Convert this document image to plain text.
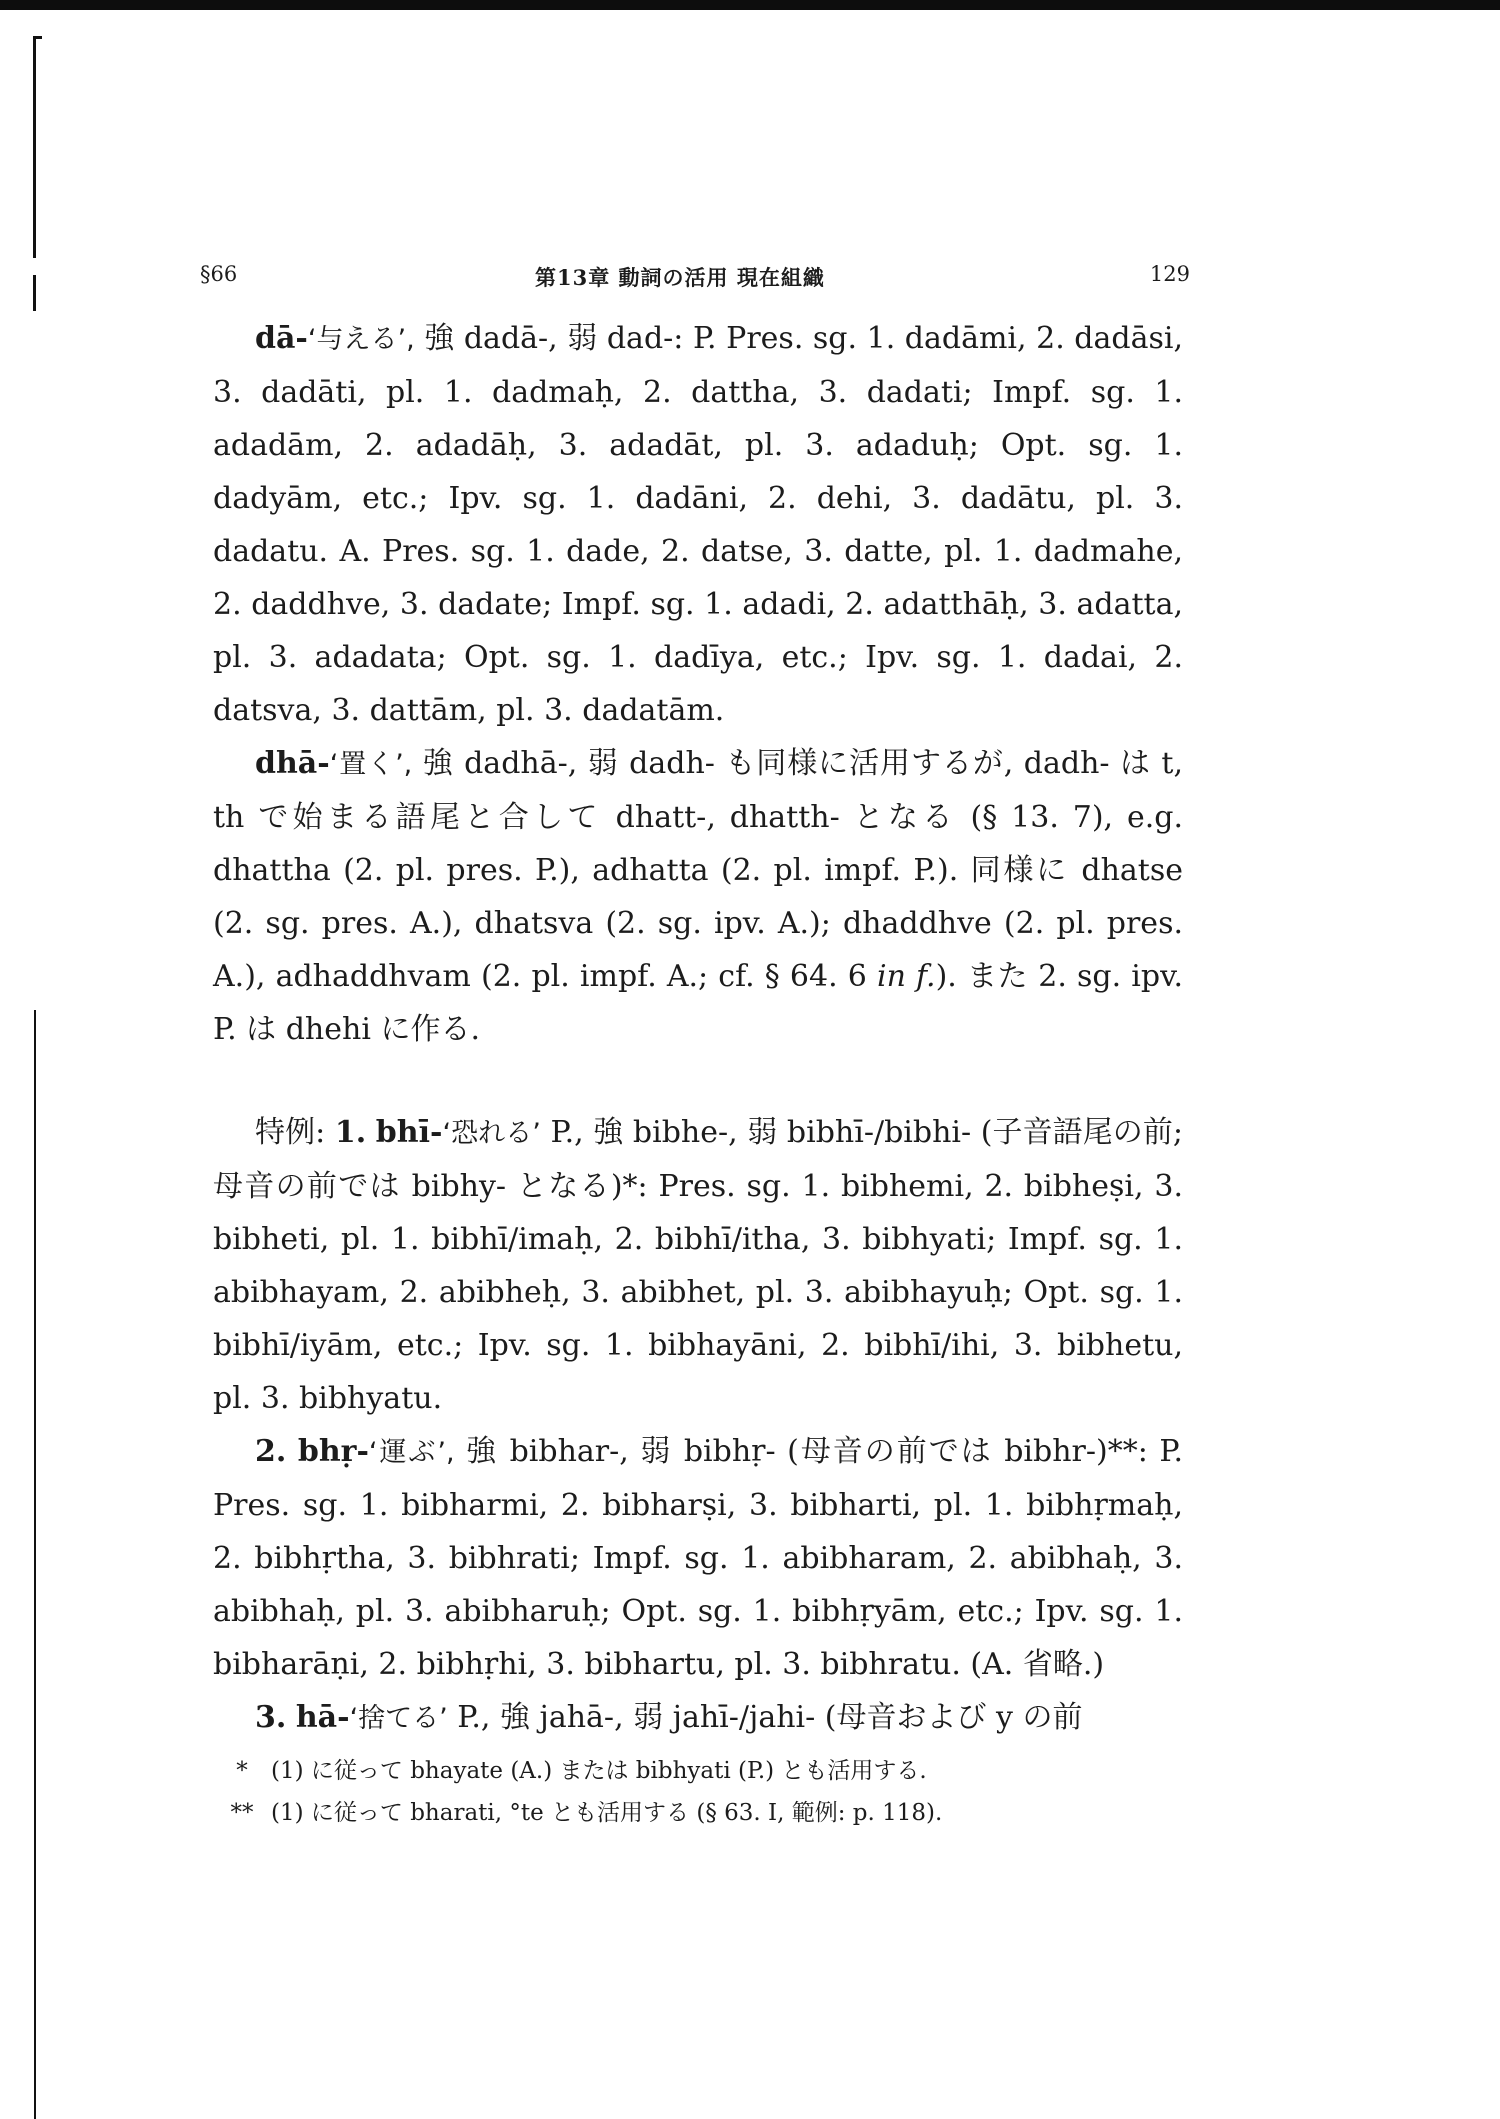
§66	第13章 動詞の活用 現在組織	129

dā-‘与える’, 強 dadā-, 弱 dad-: P. Pres. sg. 1. dadāmi, 2. dadāsi, 3. dadāti, pl. 1. dadmaḥ, 2. dattha, 3. dadati; Impf. sg. 1. adadām, 2. adadāḥ, 3. adadāt, pl. 3. adaduḥ; Opt. sg. 1. dadyām, etc.; Ipv. sg. 1. dadāni, 2. dehi, 3. dadātu, pl. 3. dadatu. A. Pres. sg. 1. dade, 2. datse, 3. datte, pl. 1. dadmahe, 2. daddhve, 3. dadate; Impf. sg. 1. adadi, 2. adatthāḥ, 3. adatta, pl. 3. adadata; Opt. sg. 1. dadīya, etc.; Ipv. sg. 1. dadai, 2. datsva, 3. dattām, pl. 3. dadatām.

dhā-‘置く’, 強 dadhā-, 弱 dadh- も同様に活用するが, dadh- は t, th で始まる語尾と合して dhatt-, dhatth- となる (§ 13. 7), e.g. dhattha (2. pl. pres. P.), adhatta (2. pl. impf. P.). 同様に dhatse (2. sg. pres. A.), dhatsva (2. sg. ipv. A.); dhaddhve (2. pl. pres. A.), adhaddhvam (2. pl. impf. A.; cf. § 64. 6 in f.). また 2. sg. ipv. P. は dhehi に作る.

特例: 1. bhī-‘恐れる’ P., 強 bibhe-, 弱 bibhī-/bibhi- (子音語尾の前; 母音の前では bibhy- となる)*: Pres. sg. 1. bibhemi, 2. bibheṣi, 3. bibheti, pl. 1. bibhī/imaḥ, 2. bibhī/itha, 3. bibhyati; Impf. sg. 1. abibhayam, 2. abibheḥ, 3. abibhet, pl. 3. abibhayuḥ; Opt. sg. 1. bibhī/iyām, etc.; Ipv. sg. 1. bibhayāni, 2. bibhī/ihi, 3. bibhetu, pl. 3. bibhyatu.

2. bhṛ-‘運ぶ’, 強 bibhar-, 弱 bibhṛ- (母音の前では bibhr-)**: P. Pres. sg. 1. bibharmi, 2. bibharṣi, 3. bibharti, pl. 1. bibhṛmaḥ, 2. bibhṛtha, 3. bibhrati; Impf. sg. 1. abibharam, 2. abibhaḥ, 3. abibhaḥ, pl. 3. abibharuḥ; Opt. sg. 1. bibhṛyām, etc.; Ipv. sg. 1. bibharāṇi, 2. bibhṛhi, 3. bibhartu, pl. 3. bibhratu. (A. 省略.)

3. hā-‘捨てる’ P., 強 jahā-, 弱 jahī-/jahi- (母音および y の前

*	(1) に従って bhayate (A.) または bibhyati (P.) とも活用する.
** (1) に従って bharati, °te とも活用する (§ 63. I, 範例: p. 118).
